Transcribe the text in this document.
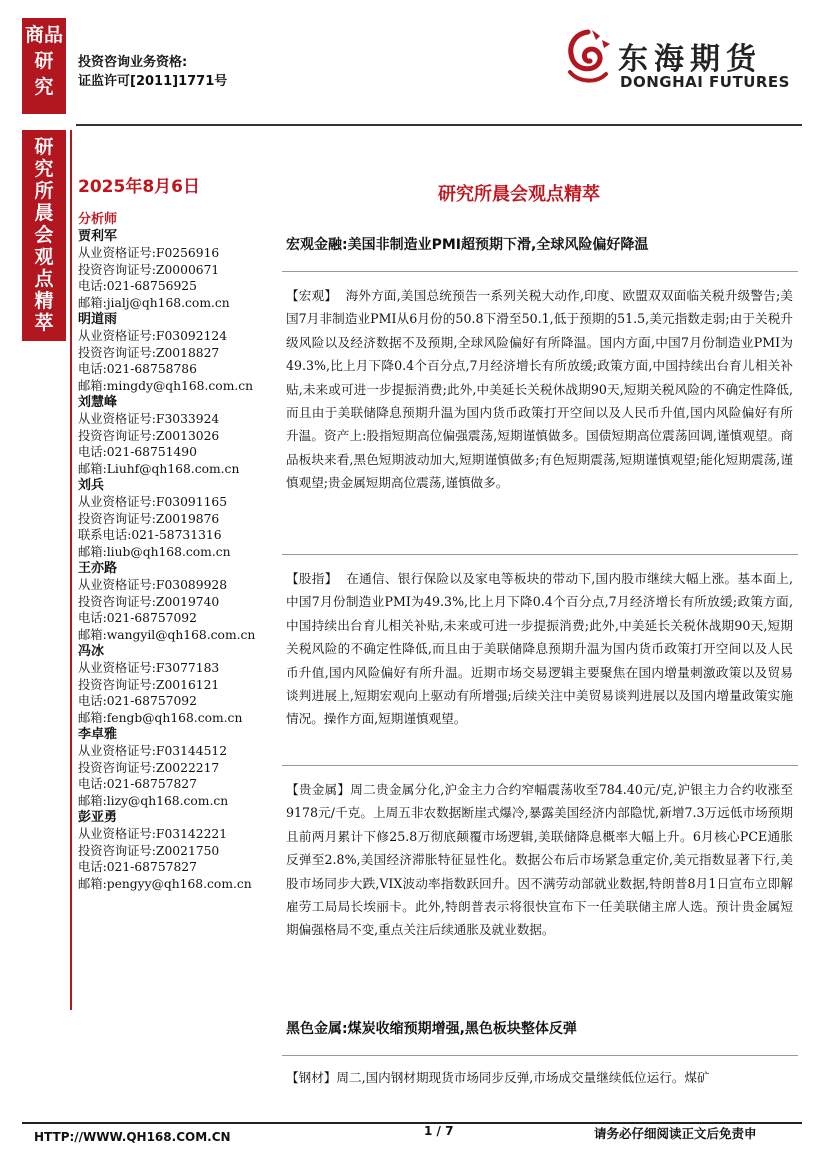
商品
研
究
研
究
所
晨
会
观
点
精
萃
投资咨询业务资格:
证监许可[2011]1771号
东海期货
DONGHAI FUTURES
2025年8月6日	研究所晨会观点精萃
分析师
贾利军
从业资格证号:F0256916
投资咨询证号:Z0000671
电话:021-68756925
邮箱:jialj@qh168.com.cn
明道雨
从业资格证号:F03092124
投资咨询证号:Z0018827
电话:021-68758786
邮箱:mingdy@qh168.com.cn
刘慧峰
从业资格证号:F3033924
投资咨询证号:Z0013026
电话:021-68751490
邮箱:Liuhf@qh168.com.cn
刘兵
从业资格证号:F03091165
投资咨询证号:Z0019876
联系电话:021-58731316
邮箱:liub@qh168.com.cn
王亦路
从业资格证号:F03089928
投资咨询证号:Z0019740
电话:021-68757092
邮箱:wangyil@qh168.com.cn
冯冰
从业资格证号:F3077183
投资咨询证号:Z0016121
电话:021-68757092
邮箱:fengb@qh168.com.cn
李卓雅
从业资格证号:F03144512
投资咨询证号:Z0022217
电话:021-68757827
邮箱:lizy@qh168.com.cn
彭亚勇
从业资格证号:F03142221
投资咨询证号:Z0021750
电话:021-68757827
邮箱:pengyy@qh168.com.cn
宏观金融:美国非制造业PMI超预期下滑,全球风险偏好降温
【宏观】 海外方面,美国总统预告一系列关税大动作,印度、欧盟双双面临关税升级警告;美国7月非制造业PMI从6月份的50.8下滑至50.1,低于预期的51.5,美元指数走弱;由于关税升级风险以及经济数据不及预期,全球风险偏好有所降温。国内方面,中国7月份制造业PMI为49.3%,比上月下降0.4个百分点,7月经济增长有所放缓;政策方面,中国持续出台育儿相关补贴,未来或可进一步提振消费;此外,中美延长关税休战期90天,短期关税风险的不确定性降低,而且由于美联储降息预期升温为国内货币政策打开空间以及人民币升值,国内风险偏好有所升温。资产上:股指短期高位偏强震荡,短期谨慎做多。国债短期高位震荡回调,谨慎观望。商品板块来看,黑色短期波动加大,短期谨慎做多;有色短期震荡,短期谨慎观望;能化短期震荡,谨慎观望;贵金属短期高位震荡,谨慎做多。
【股指】 在通信、银行保险以及家电等板块的带动下,国内股市继续大幅上涨。基本面上,中国7月份制造业PMI为49.3%,比上月下降0.4个百分点,7月经济增长有所放缓;政策方面,中国持续出台育儿相关补贴,未来或可进一步提振消费;此外,中美延长关税休战期90天,短期关税风险的不确定性降低,而且由于美联储降息预期升温为国内货币政策打开空间以及人民币升值,国内风险偏好有所升温。近期市场交易逻辑主要聚焦在国内增量刺激政策以及贸易谈判进展上,短期宏观向上驱动有所增强;后续关注中美贸易谈判进展以及国内增量政策实施情况。操作方面,短期谨慎观望。
【贵金属】周二贵金属分化,沪金主力合约窄幅震荡收至784.40元/克,沪银主力合约收涨至9178元/千克。上周五非农数据断崖式爆冷,暴露美国经济内部隐忧,新增7.3万远低市场预期且前两月累计下修25.8万彻底颠覆市场逻辑,美联储降息概率大幅上升。6月核心PCE通胀反弹至2.8%,美国经济滞胀特征显性化。数据公布后市场紧急重定价,美元指数显著下行,美股市场同步大跌,VIX波动率指数跃回升。因不满劳动部就业数据,特朗普8月1日宣布立即解雇劳工局局长埃丽卡。此外,特朗普表示将很快宣布下一任美联储主席人选。预计贵金属短期偏强格局不变,重点关注后续通胀及就业数据。
黑色金属:煤炭收缩预期增强,黑色板块整体反弹
【钢材】周二,国内钢材期现货市场同步反弹,市场成交量继续低位运行。煤矿
HTTP://WWW.QH168.COM.CN	1 / 7	请务必仔细阅读正文后免责申
